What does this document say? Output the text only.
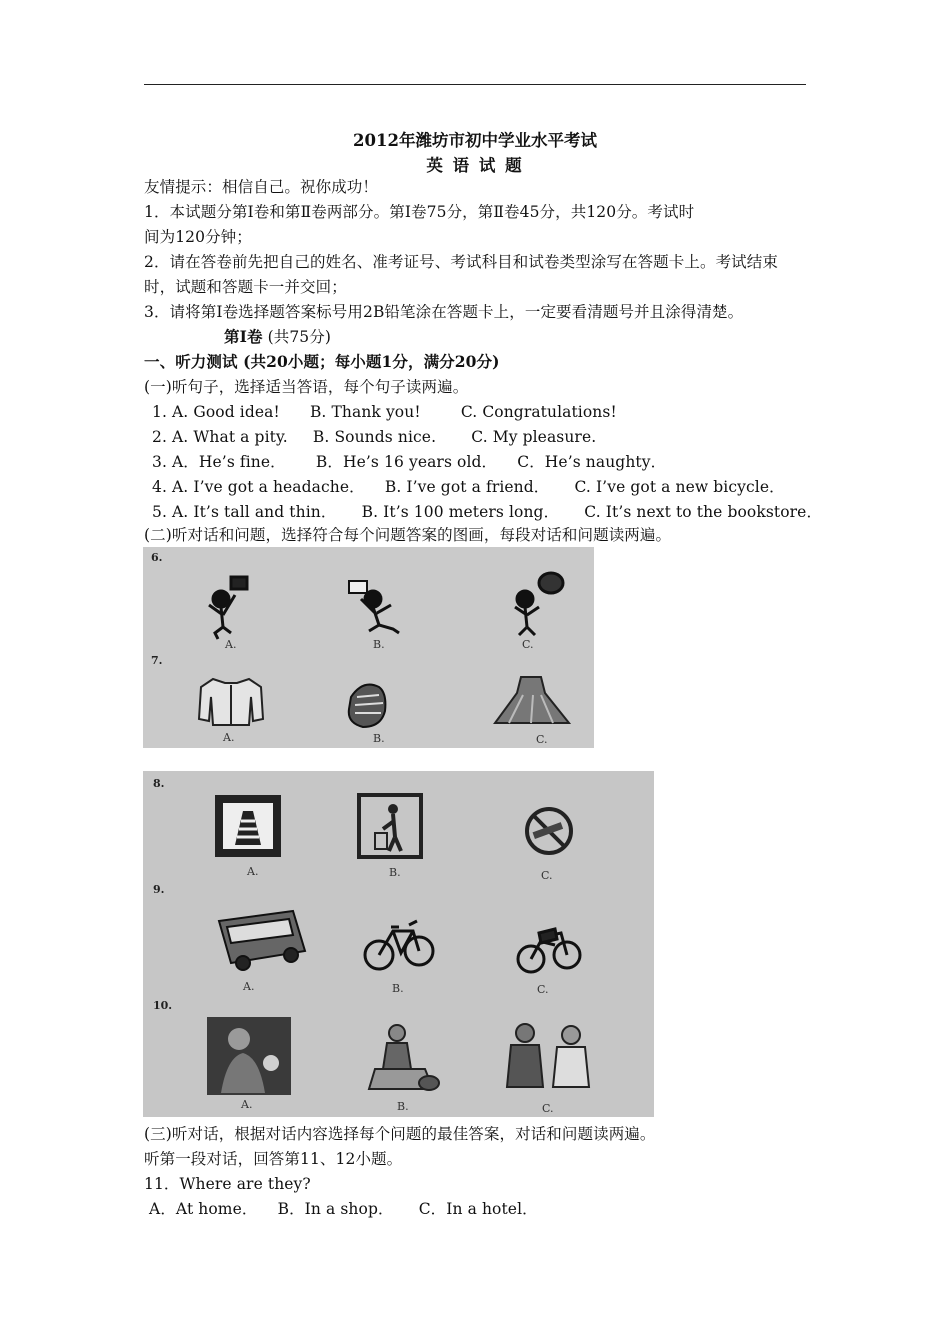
2012年潍坊市初中学业水平考试
英 语 试 题
友情提示：相信自己。祝你成功！
1．本试题分第Ⅰ卷和第Ⅱ卷两部分。第Ⅰ卷75分，第Ⅱ卷45分，共120分。考试时
间为120分钟；
2．请在答卷前先把自己的姓名、准考证号、考试科目和试卷类型涂写在答题卡上。考试结束
时，试题和答题卡一并交回；
3．请将第Ⅰ卷选择题答案标号用2B铅笔涂在答题卡上，一定要看清题号并且涂得清楚。
第Ⅰ卷 (共75分)
一、听力测试 (共20小题；每小题1分，满分20分)
(一)听句子，选择适当答语，每个句子读两遍。
1. A. Good idea!      B. Thank you!        C. Congratulations!
2. A. What a pity.     B. Sounds nice.       C. My pleasure.
3. A．He’s fine．      B．He’s 16 years old．    C．He’s naughty．
4. A. I’ve got a headache．    B. I’ve got a friend．     C. I’ve got a new bicycle．
5. A. It’s tall and thin．     B. It’s 100 meters long．     C. It’s next to the bookstore．
(二)听对话和问题，选择符合每个问题答案的图画，每段对话和问题读两遍。
6.
7.
A.	B.	C.
A.	B.	C.
8.
9.
10.
A.	B.	C.
A.	B.	C.
A.	B.	C.
(三)听对话，根据对话内容选择每个问题的最佳答案，对话和问题读两遍。
听第一段对话，回答第11、12小题。
11．Where are they?
A．At home．    B．In a shop．     C．In a hotel．
